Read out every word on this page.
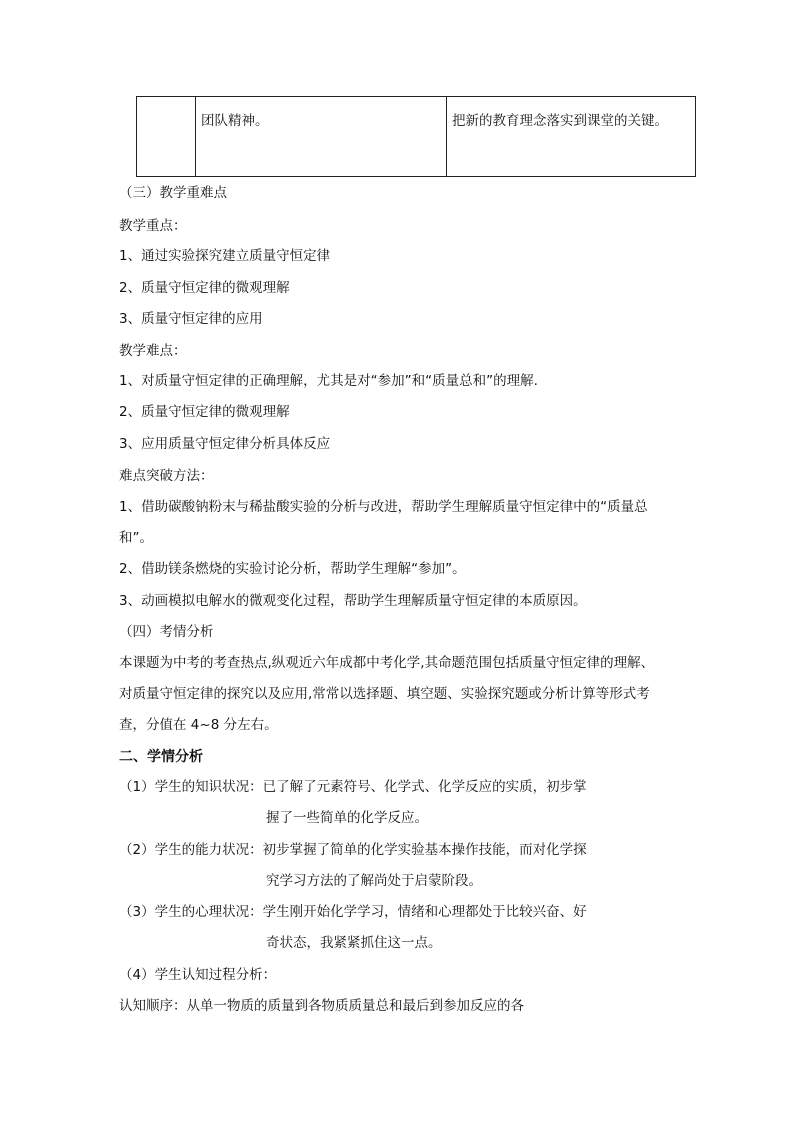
团队精神。	把新的教育理念落实到课堂的关键。
（三）教学重难点
教学重点：
1、通过实验探究建立质量守恒定律
2、质量守恒定律的微观理解
3、质量守恒定律的应用
教学难点：
1、对质量守恒定律的正确理解，尤其是对“参加”和“质量总和”的理解.
2、质量守恒定律的微观理解
3、应用质量守恒定律分析具体反应
难点突破方法：
1、借助碳酸钠粉末与稀盐酸实验的分析与改进，帮助学生理解质量守恒定律中的“质量总
和”。
2、借助镁条燃烧的实验讨论分析，帮助学生理解“参加”。
3、动画模拟电解水的微观变化过程，帮助学生理解质量守恒定律的本质原因。
（四）考情分析
本课题为中考的考查热点,纵观近六年成都中考化学,其命题范围包括质量守恒定律的理解、
对质量守恒定律的探究以及应用,常常以选择题、填空题、实验探究题或分析计算等形式考
查，分值在 4~8 分左右。
二、学情分析
（1）学生的知识状况：已了解了元素符号、化学式、化学反应的实质，初步掌
握了一些简单的化学反应。
（2）学生的能力状况：初步掌握了简单的化学实验基本操作技能，而对化学探
究学习方法的了解尚处于启蒙阶段。
（3）学生的心理状况：学生刚开始化学学习，情绪和心理都处于比较兴奋、好
奇状态，我紧紧抓住这一点。
（4）学生认知过程分析：
认知顺序：从单一物质的质量到各物质质量总和最后到参加反应的各
